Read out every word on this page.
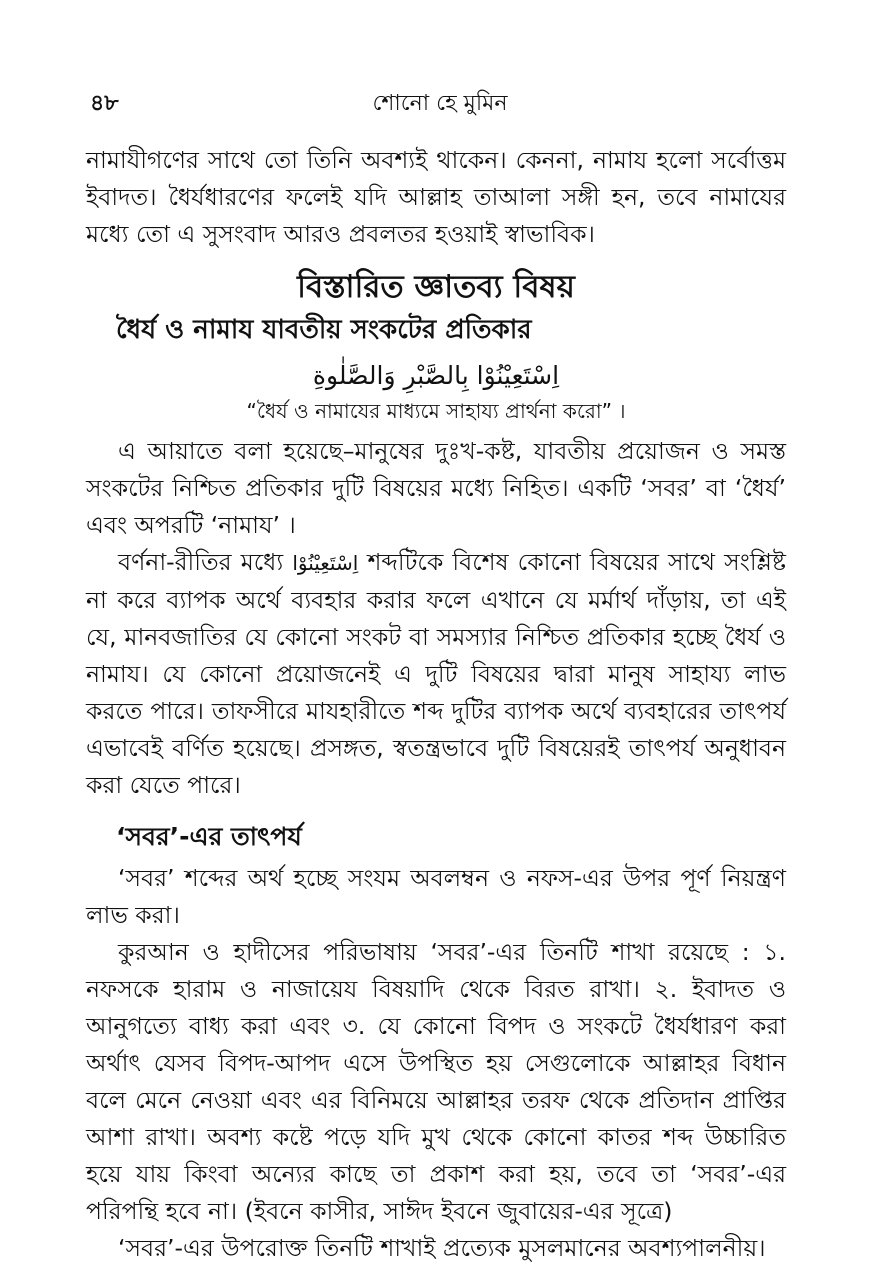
৪৮	শোনো হে মুমিন

নামাযীগণের সাথে তো তিনি অবশ্যই থাকেন। কেননা, নামায হলো সর্বোত্তম ইবাদত। ধৈর্যধারণের ফলেই যদি আল্লাহ তাআলা সঙ্গী হন, তবে নামাযের মধ্যে তো এ সুসংবাদ আরও প্রবলতর হওয়াই স্বাভাবিক।

বিস্তারিত জ্ঞাতব্য বিষয়
ধৈর্য ও নামায যাবতীয় সংকটের প্রতিকার
اِسْتَعِيْنُوْا بِالصَّبْرِ وَالصَّلٰوةِ
“ধৈর্য ও নামাযের মাধ্যমে সাহায্য প্রার্থনা করো” ।

এ আয়াতে বলা হয়েছে–মানুষের দুঃখ-কষ্ট, যাবতীয় প্রয়োজন ও সমস্ত সংকটের নিশ্চিত প্রতিকার দুটি বিষয়ের মধ্যে নিহিত। একটি ‘সবর’ বা ‘ধৈর্য’ এবং অপরটি ‘নামায’ ।

বর্ণনা-রীতির মধ্যে اِسْتَعِيْنُوْا শব্দটিকে বিশেষ কোনো বিষয়ের সাথে সংশ্লিষ্ট না করে ব্যাপক অর্থে ব্যবহার করার ফলে এখানে যে মর্মার্থ দাঁড়ায়, তা এই যে, মানবজাতির যে কোনো সংকট বা সমস্যার নিশ্চিত প্রতিকার হচ্ছে ধৈর্য ও নামায। যে কোনো প্রয়োজনেই এ দুটি বিষয়ের দ্বারা মানুষ সাহায্য লাভ করতে পারে। তাফসীরে মাযহারীতে শব্দ দুটির ব্যাপক অর্থে ব্যবহারের তাৎপর্য এভাবেই বর্ণিত হয়েছে। প্রসঙ্গত, স্বতন্ত্রভাবে দুটি বিষয়েরই তাৎপর্য অনুধাবন করা যেতে পারে।

‘সবর’-এর তাৎপর্য

‘সবর’ শব্দের অর্থ হচ্ছে সংযম অবলম্বন ও নফস-এর উপর পূর্ণ নিয়ন্ত্রণ লাভ করা।

কুরআন ও হাদীসের পরিভাষায় ‘সবর’-এর তিনটি শাখা রয়েছে : ১. নফসকে হারাম ও নাজায়েয বিষয়াদি থেকে বিরত রাখা। ২. ইবাদত ও আনুগত্যে বাধ্য করা এবং ৩. যে কোনো বিপদ ও সংকটে ধৈর্যধারণ করা অর্থাৎ যেসব বিপদ-আপদ এসে উপস্থিত হয় সেগুলোকে আল্লাহর বিধান বলে মেনে নেওয়া এবং এর বিনিময়ে আল্লাহর তরফ থেকে প্রতিদান প্রাপ্তির আশা রাখা। অবশ্য কষ্টে পড়ে যদি মুখ থেকে কোনো কাতর শব্দ উচ্চারিত হয়ে যায় কিংবা অন্যের কাছে তা প্রকাশ করা হয়, তবে তা ‘সবর’-এর পরিপন্থি হবে না। (ইবনে কাসীর, সাঈদ ইবনে জুবায়ের-এর সূত্রে)

‘সবর’-এর উপরোক্ত তিনটি শাখাই প্রত্যেক মুসলমানের অবশ্যপালনীয়।
